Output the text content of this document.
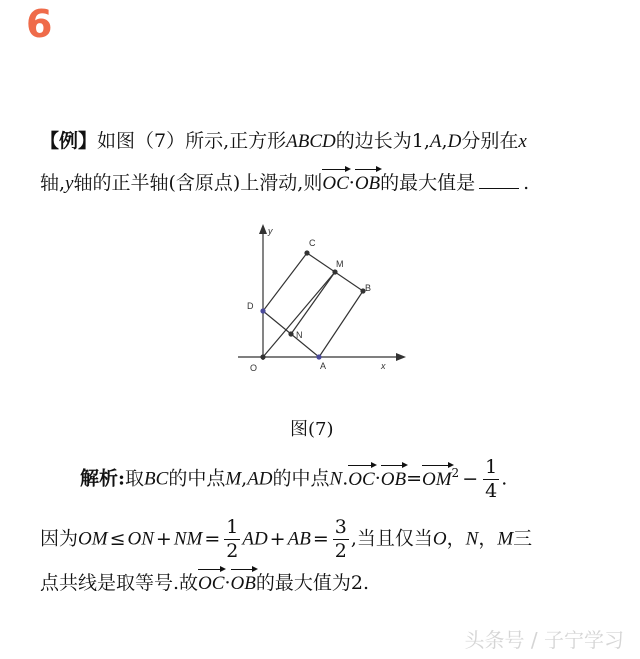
6
【例】如图（7）所示,正方形ABCD的边长为1,A,D分别在x
轴,y轴的正半轴(含原点)上滑动,则OC·OB的最大值是	.
y
x
O	A
B
C
D
M
N
图(7)
解析:取BC的中点M,AD的中点$N.OC\cdot OB=OM^2 - \frac{1}{4}$ .
因为OM ≤ ON + NM = $\frac{1}{2}$ AD + AB = $\frac{3}{2}$ ,当且仅当O，N，M三
点共线是取等号.故OC·OB的最大值为2.
头条号 / 子宁学习
